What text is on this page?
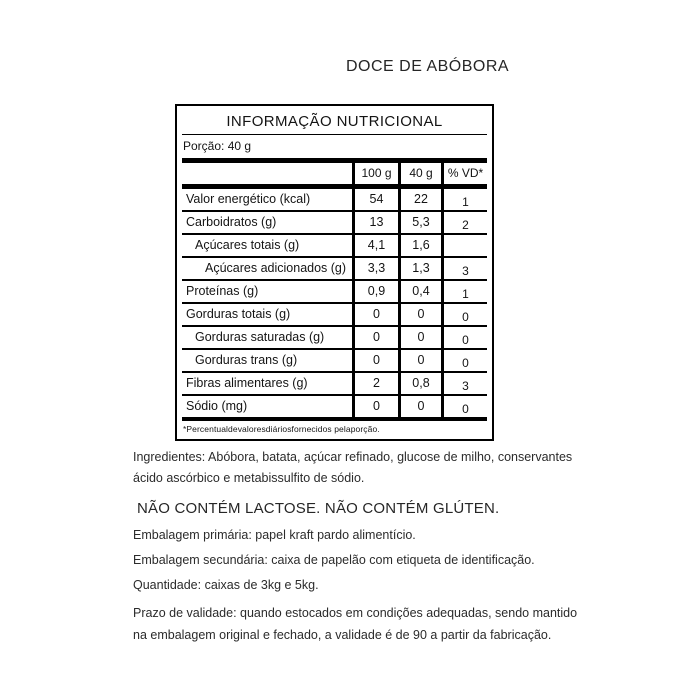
DOCE DE ABÓBORA
INFORMAÇÃO NUTRICIONAL
Porção: 40 g
100 g	40 g	% VD*
Valor energético (kcal)	54	22	1
Carboidratos (g)	13	5,3	2
Açúcares totais (g)	4,1	1,6
Açúcares adicionados (g)	3,3	1,3	3
Proteínas (g)	0,9	0,4	1
Gorduras totais (g)	0	0	0
Gorduras saturadas (g)	0	0	0
Gorduras trans (g)	0	0	0
Fibras alimentares (g)	2	0,8	3
Sódio (mg)	0	0	0
*Percentualdevaloresdiáriosfornecidos pelaporção.
Ingredientes: Abóbora, batata, açúcar refinado, glucose de milho, conservantes
ácido ascórbico e metabissulfito de sódio.
NÃO CONTÉM LACTOSE. NÃO CONTÉM GLÚTEN.
Embalagem primária: papel kraft pardo alimentício.
Embalagem secundária: caixa de papelão com etiqueta de identificação.
Quantidade: caixas de 3kg e 5kg.
Prazo de validade: quando estocados em condições adequadas, sendo mantido
na embalagem original e fechado, a validade é de 90 a partir da fabricação.
